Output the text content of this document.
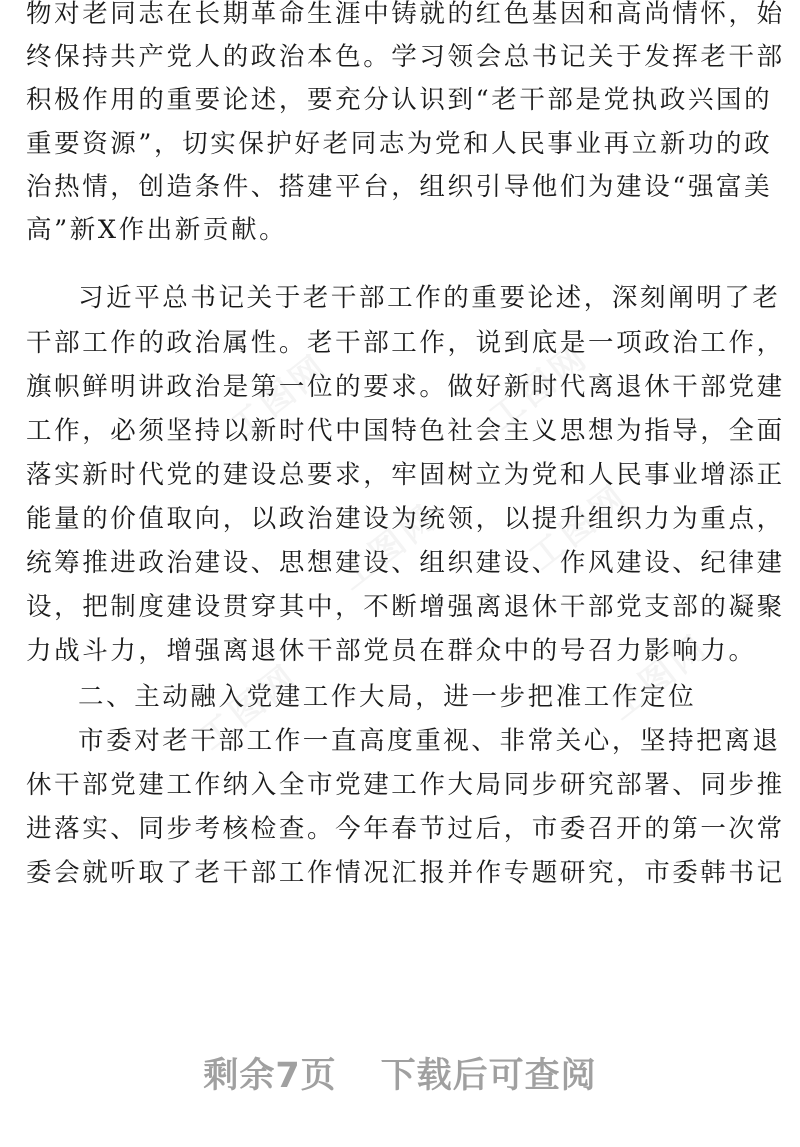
物对老同志在长期革命生涯中铸就的红色基因和高尚情怀，始
终保持共产党人的政治本色。学习领会总书记关于发挥老干部
积极作用的重要论述，要充分认识到“老干部是党执政兴国的
重要资源”，切实保护好老同志为党和人民事业再立新功的政
治热情，创造条件、搭建平台，组织引导他们为建设“强富美
高”新X作出新贡献。
习近平总书记关于老干部工作的重要论述，深刻阐明了老
干部工作的政治属性。老干部工作，说到底是一项政治工作，
旗帜鲜明讲政治是第一位的要求。做好新时代离退休干部党建
工作，必须坚持以新时代中国特色社会主义思想为指导，全面
落实新时代党的建设总要求，牢固树立为党和人民事业增添正
能量的价值取向，以政治建设为统领，以提升组织力为重点，
统筹推进政治建设、思想建设、组织建设、作风建设、纪律建
设，把制度建设贯穿其中，不断增强离退休干部党支部的凝聚
力战斗力，增强离退休干部党员在群众中的号召力影响力。
二、主动融入党建工作大局，进一步把准工作定位
市委对老干部工作一直高度重视、非常关心，坚持把离退
休干部党建工作纳入全市党建工作大局同步研究部署、同步推
进落实、同步考核检查。今年春节过后，市委召开的第一次常
委会就听取了老干部工作情况汇报并作专题研究，市委韩书记
工图网	工图网
工图网 工图网
工图网	工图网
剩余7页 下载后可查阅
